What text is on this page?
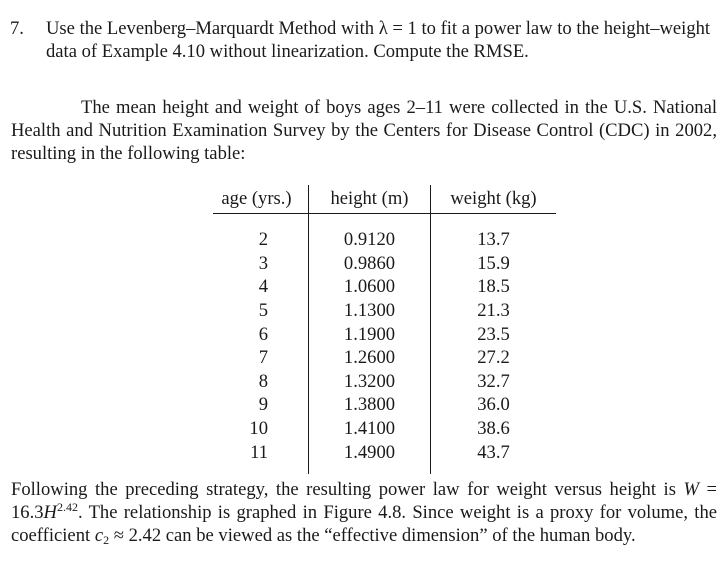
7. Use the Levenberg–Marquardt Method with λ = 1 to fit a power law to the height–weight data of Example 4.10 without linearization. Compute the RMSE.
The mean height and weight of boys ages 2–11 were collected in the U.S. National Health and Nutrition Examination Survey by the Centers for Disease Control (CDC) in 2002, resulting in the following table:
age (yrs.)	height (m)	weight (kg)
2	0.9120	13.7
3	0.9860	15.9
4	1.0600	18.5
5	1.1300	21.3
6	1.1900	23.5
7	1.2600	27.2
8	1.3200	32.7
9	1.3800	36.0
10	1.4100	38.6
11	1.4900	43.7
Following the preceding strategy, the resulting power law for weight versus height is $W = 16.3H^{2.42}$. The relationship is graphed in Figure 4.8. Since weight is a proxy for volume, the coefficient $c_2 \approx 2.42$ can be viewed as the “effective dimension” of the human body.
